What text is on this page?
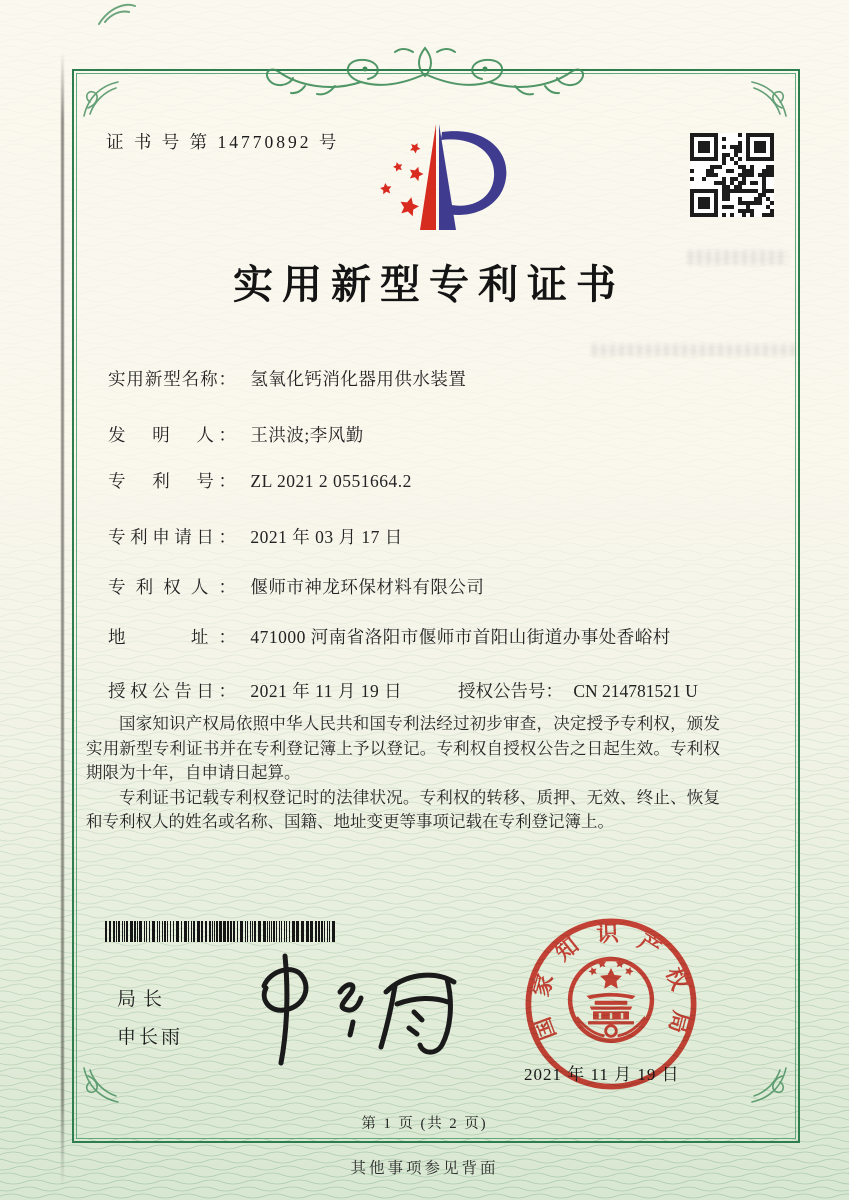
证 书 号 第 14770892 号
实用新型专利证书
实用新型名称： 氢氧化钙消化器用供水装置
发　明　人： 王洪波;李风勤
专　利　号： ZL 2021 2 0551664.2
专利申请日： 2021 年 03 月 17 日
专利权人： 偃师市神龙环保材料有限公司
地　　址： 471000 河南省洛阳市偃师市首阳山街道办事处香峪村
授权公告日： 2021 年 11 月 19 日	授权公告号： CN 214781521 U

国家知识产权局依照中华人民共和国专利法经过初步审查，决定授予专利权，颁发实用新型专利证书并在专利登记簿上予以登记。专利权自授权公告之日起生效。专利权期限为十年，自申请日起算。

专利证书记载专利权登记时的法律状况。专利权的转移、质押、无效、终止、恢复和专利权人的姓名或名称、国籍、地址变更等事项记载在专利登记簿上。

局长
申长雨	国家知识产权局
2021 年 11 月 19 日
第 1 页 (共 2 页)
其他事项参见背面
